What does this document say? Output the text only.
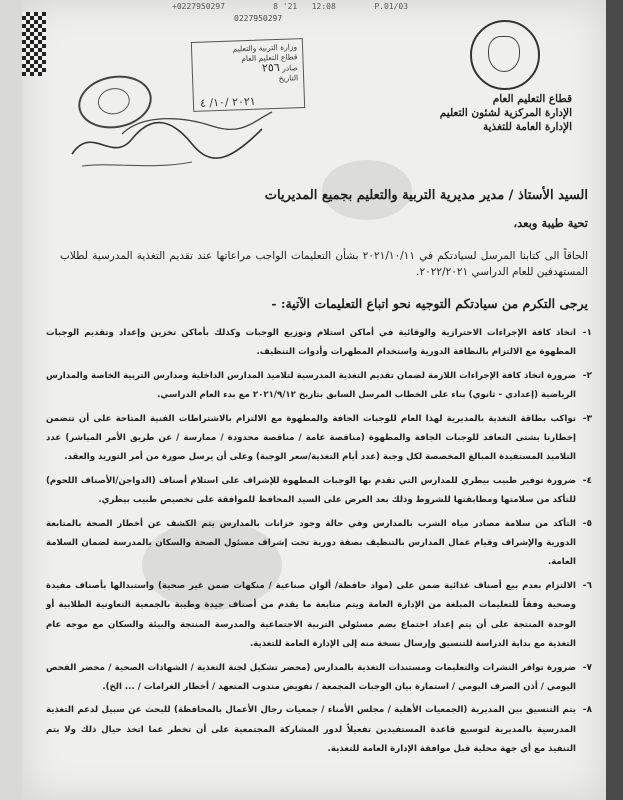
+0227950297	8 '21 12:08	P.01/03
0227950297
قطاع التعليم العام
الإدارة المركزية لشئون التعليم
الإدارة العامة للتغذية
وزارة التربية والتعليم
قطاع التعليم العام
صادر ٢٥٦
التاريخ
٢٠٢١ /١٠/ ٤
السيد الأستاذ / مدير مديرية التربية والتعليم بجميع المديريات
تحية طيبة وبعد،
الحاقاً الى كتابنا المرسل لسيادتكم في ٢٠٢١/١٠/١١ بشأن التعليمات الواجب مراعاتها عند تقديم التغذية المدرسية لطلاب المستهدفين للعام الدراسي ٢٠٢٢/٢٠٢١.
يرجى التكرم من سيادتكم التوجيه نحو اتباع التعليمات الآتية: -
١-
اتخاذ كافة الإجراءات الاحترازية والوقائية في أماكن استلام وتوزيع الوجبات وكذلك بأماكن تخزين وإعداد وتقديم الوجبات المطهوة مع الالتزام بالنظافة الدورية واستخدام المطهرات وأدوات التنظيف.
٢-
ضرورة اتخاذ كافة الإجراءات اللازمة لضمان تقديم التغذية المدرسية لتلاميذ المدارس الداخلية ومدارس التربية الخاصة والمدارس الرياضية (إعدادي - ثانوي) بناء على الخطاب المرسل السابق بتاريخ ٢٠٢١/٩/١٢ مع بدء العام الدراسي.
٣-
تواكب بطاقة التغذية بالمديرية لهذا العام للوجبات الجافة والمطهوة مع الالتزام بالاشتراطات الفنية المتاحة على أن تتضمن إخطارنا بشتى التعاقد للوجبات الجافة والمطهوة (مناقصة عامة / مناقصة محدودة / ممارسة / عن طريق الأمر المباشر) عدد التلاميذ المستفيدة المبالغ المخصصة لكل وجبة (عدد أيام التغذية/سعر الوجبة) وعلى أن يرسل صورة من أمر التوريد والعقد.
٤-
ضرورة توفير طبيب بيطري للمدارس التي تقدم بها الوجبات المطهوة للإشراف على استلام أصناف (الدواجن/الأصناف اللحوم) للتأكد من سلامتها ومطابقتها للشروط وذلك بعد العرض على السيد المحافظ للموافقة على تخصيص طبيب بيطري.
٥-
التأكد من سلامة مصادر مياه الشرب بالمدارس وفي حالة وجود خزانات بالمدارس يتم الكشف عن أخطار الصحة بالمتابعة الدورية والإشراف وقيام عمال المدارس بالتنظيف بصفة دورية تحت إشراف مسئول الصحة والسكان بالمدرسة لضمان السلامة العامة.
٦-
الالتزام بعدم بيع أصناف غذائية ضمن على (مواد حافظة/ ألوان صناعية / منكهات ضمن غير صحية) واستبدالها بأصناف مفيدة وصحية وفقاً للتعليمات المبلغة من الإدارة العامة ويتم متابعة ما يقدم من أصناف جيدة وطيبة بالجمعية التعاونية الطلابية أو الوحدة المنتجة على أن يتم إعداد اجتماع يضم مسئولي التربية الاجتماعية والمدرسة المنتجة والبيئة والسكان مع موجه عام التغذية مع بداية الدراسة للتنسيق وإرسال نسخة منه إلى الإدارة العامة للتغذية.
٧-
ضرورة توافر النشرات والتعليمات ومستندات التغذية بالمدارس (محضر تشكيل لجنة التغذية / الشهادات الصحية / محضر الفحص اليومي / أذن الصرف اليومي / استمارة بيان الوجبات المجمعة / تفويض مندوب المتعهد / أخطار الغرامات / ... الخ).
٨-
يتم التنسيق بين المديرية (الجمعيات الأهلية / مجلس الأمناء / جمعيات رجال الأعمال بالمحافظة) للبحث عن سبيل لدعم التغذية المدرسية بالمديرية لتوسيع قاعدة المستفيدين تفعيلاً لدور المشاركة المجتمعية على أن تخطر عما اتخذ حيال ذلك ولا يتم التنفيذ مع أي جهة محلية قبل موافقة الإدارة العامة للتغذية.
